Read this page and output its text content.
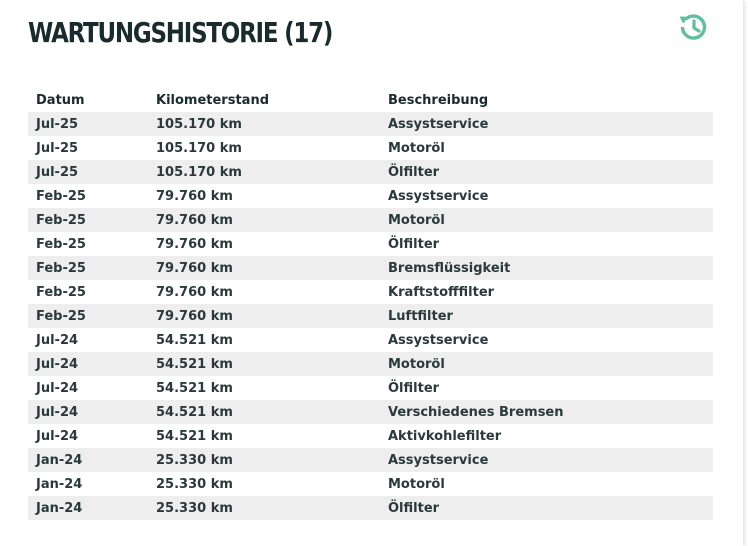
WARTUNGSHISTORIE (17)
Datum	Kilometerstand	Beschreibung
Jul-25	105.170 km	Assystservice
Jul-25	105.170 km	Motoröl
Jul-25	105.170 km	Ölfilter
Feb-25	79.760 km	Assystservice
Feb-25	79.760 km	Motoröl
Feb-25	79.760 km	Ölfilter
Feb-25	79.760 km	Bremsflüssigkeit
Feb-25	79.760 km	Kraftstofffilter
Feb-25	79.760 km	Luftfilter
Jul-24	54.521 km	Assystservice
Jul-24	54.521 km	Motoröl
Jul-24	54.521 km	Ölfilter
Jul-24	54.521 km	Verschiedenes Bremsen
Jul-24	54.521 km	Aktivkohlefilter
Jan-24	25.330 km	Assystservice
Jan-24	25.330 km	Motoröl
Jan-24	25.330 km	Ölfilter
